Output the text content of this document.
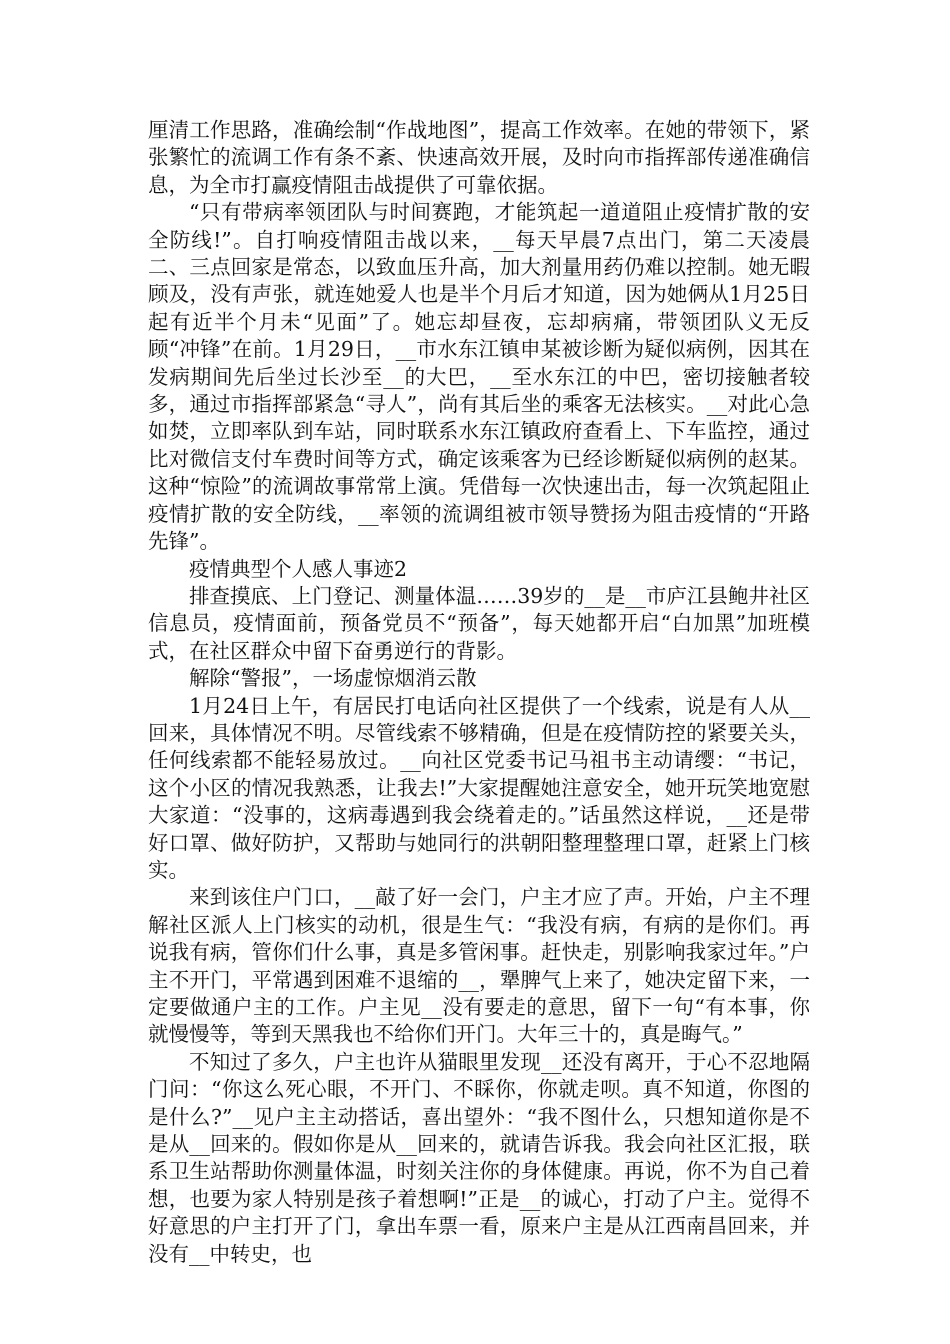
厘清工作思路，准确绘制“作战地图”，提高工作效率。在她的带领下，紧张繁忙的流调工作有条不紊、快速高效开展，及时向市指挥部传递准确信息，为全市打赢疫情阻击战提供了可靠依据。

“只有带病率领团队与时间赛跑，才能筑起一道道阻止疫情扩散的安全防线!”。自打响疫情阻击战以来，__每天早晨7点出门，第二天凌晨二、三点回家是常态，以致血压升高，加大剂量用药仍难以控制。她无暇顾及，没有声张，就连她爱人也是半个月后才知道，因为她俩从1月25日起有近半个月未“见面”了。她忘却昼夜，忘却病痛，带领团队义无反顾“冲锋”在前。1月29日，__市水东江镇申某被诊断为疑似病例，因其在发病期间先后坐过长沙至__的大巴，__至水东江的中巴，密切接触者较多，通过市指挥部紧急“寻人”，尚有其后坐的乘客无法核实。__对此心急如焚，立即率队到车站，同时联系水东江镇政府查看上、下车监控，通过比对微信支付车费时间等方式，确定该乘客为已经诊断疑似病例的赵某。这种“惊险”的流调故事常常上演。凭借每一次快速出击，每一次筑起阻止疫情扩散的安全防线，__率领的流调组被市领导赞扬为阻击疫情的“开路先锋”。

疫情典型个人感人事迹2

排查摸底、上门登记、测量体温……39岁的__是__市庐江县鲍井社区信息员，疫情面前，预备党员不“预备”，每天她都开启“白加黑”加班模式，在社区群众中留下奋勇逆行的背影。

解除“警报”，一场虚惊烟消云散

1月24日上午，有居民打电话向社区提供了一个线索，说是有人从__回来，具体情况不明。尽管线索不够精确，但是在疫情防控的紧要关头，任何线索都不能轻易放过。__向社区党委书记马祖书主动请缨：“书记，这个小区的情况我熟悉，让我去!”大家提醒她注意安全，她开玩笑地宽慰大家道：“没事的，这病毒遇到我会绕着走的。”话虽然这样说，__还是带好口罩、做好防护，又帮助与她同行的洪朝阳整理整理口罩，赶紧上门核实。

来到该住户门口，__敲了好一会门，户主才应了声。开始，户主不理解社区派人上门核实的动机，很是生气：“我没有病，有病的是你们。再说我有病，管你们什么事，真是多管闲事。赶快走，别影响我家过年。”户主不开门，平常遇到困难不退缩的__，犟脾气上来了，她决定留下来，一定要做通户主的工作。户主见__没有要走的意思，留下一句“有本事，你就慢慢等，等到天黑我也不给你们开门。大年三十的，真是晦气。”

不知过了多久，户主也许从猫眼里发现__还没有离开，于心不忍地隔门问：“你这么死心眼，不开门、不睬你，你就走呗。真不知道，你图的是什么?”__见户主主动搭话，喜出望外：“我不图什么，只想知道你是不是从__回来的。假如你是从__回来的，就请告诉我。我会向社区汇报，联系卫生站帮助你测量体温，时刻关注你的身体健康。再说，你不为自己着想，也要为家人特别是孩子着想啊!”正是__的诚心，打动了户主。觉得不好意思的户主打开了门，拿出车票一看，原来户主是从江西南昌回来，并没有__中转史，也
